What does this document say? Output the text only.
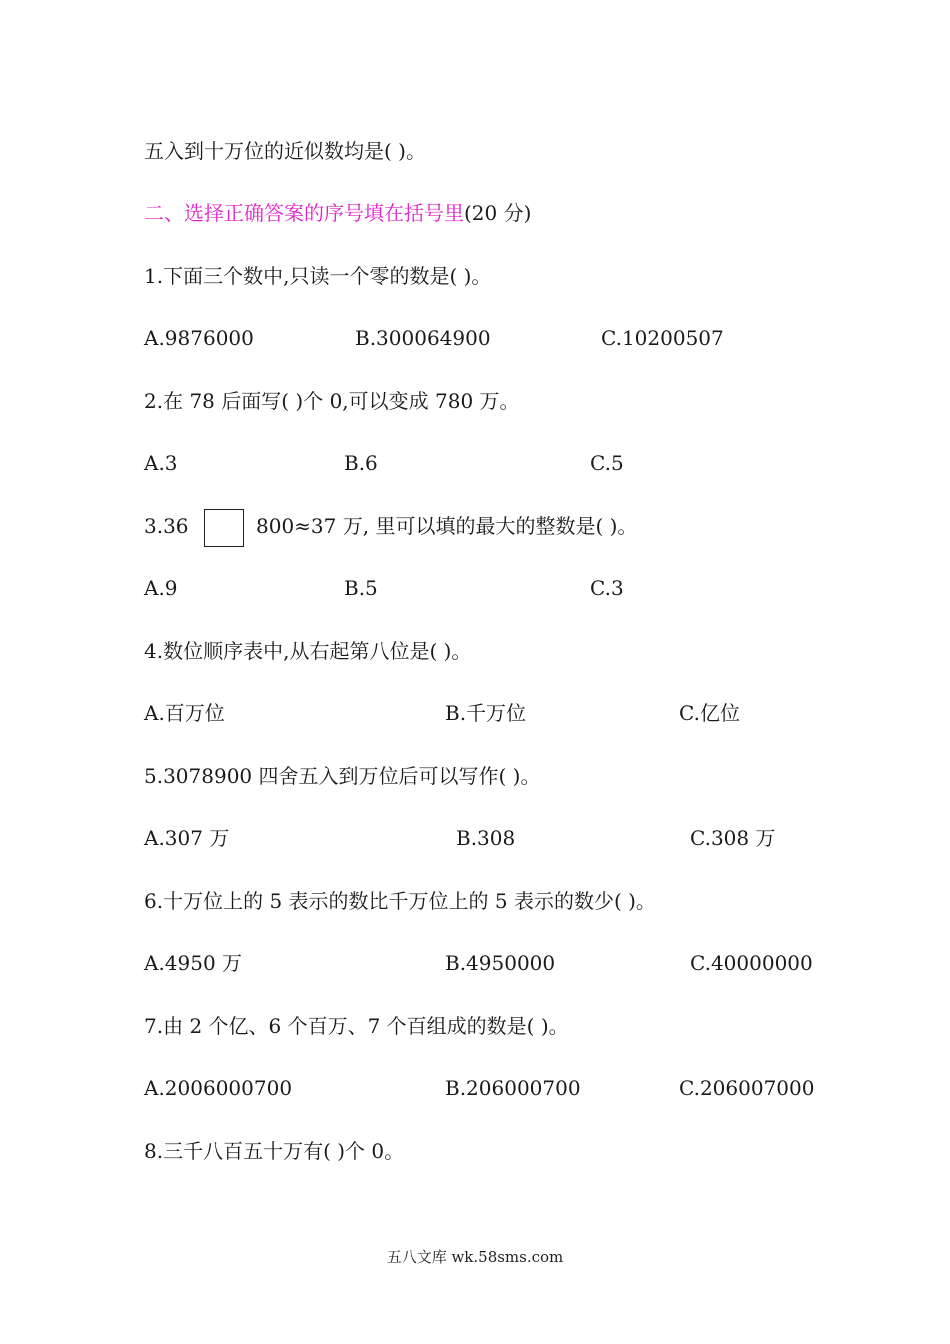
五入到十万位的近似数均是( )。
二、选择正确答案的序号填在括号里(20 分)
1.下面三个数中,只读一个零的数是( )。
A.9876000	B.300064900	C.10200507
2.在 78 后面写( )个 0,可以变成 780 万。
A.3	B.6	C.5
3.36	800≈37 万, 里可以填的最大的整数是( )。
A.9	B.5	C.3
4.数位顺序表中,从右起第八位是( )。
A.百万位	B.千万位	C.亿位
5.3078900 四舍五入到万位后可以写作( )。
A.307 万	B.308	C.308 万
6.十万位上的 5 表示的数比千万位上的 5 表示的数少( )。
A.4950 万	B.4950000	C.40000000
7.由 2 个亿、6 个百万、7 个百组成的数是( )。
A.2006000700	B.206000700	C.206007000
8.三千八百五十万有( )个 0。
五八文库 wk.58sms.com
